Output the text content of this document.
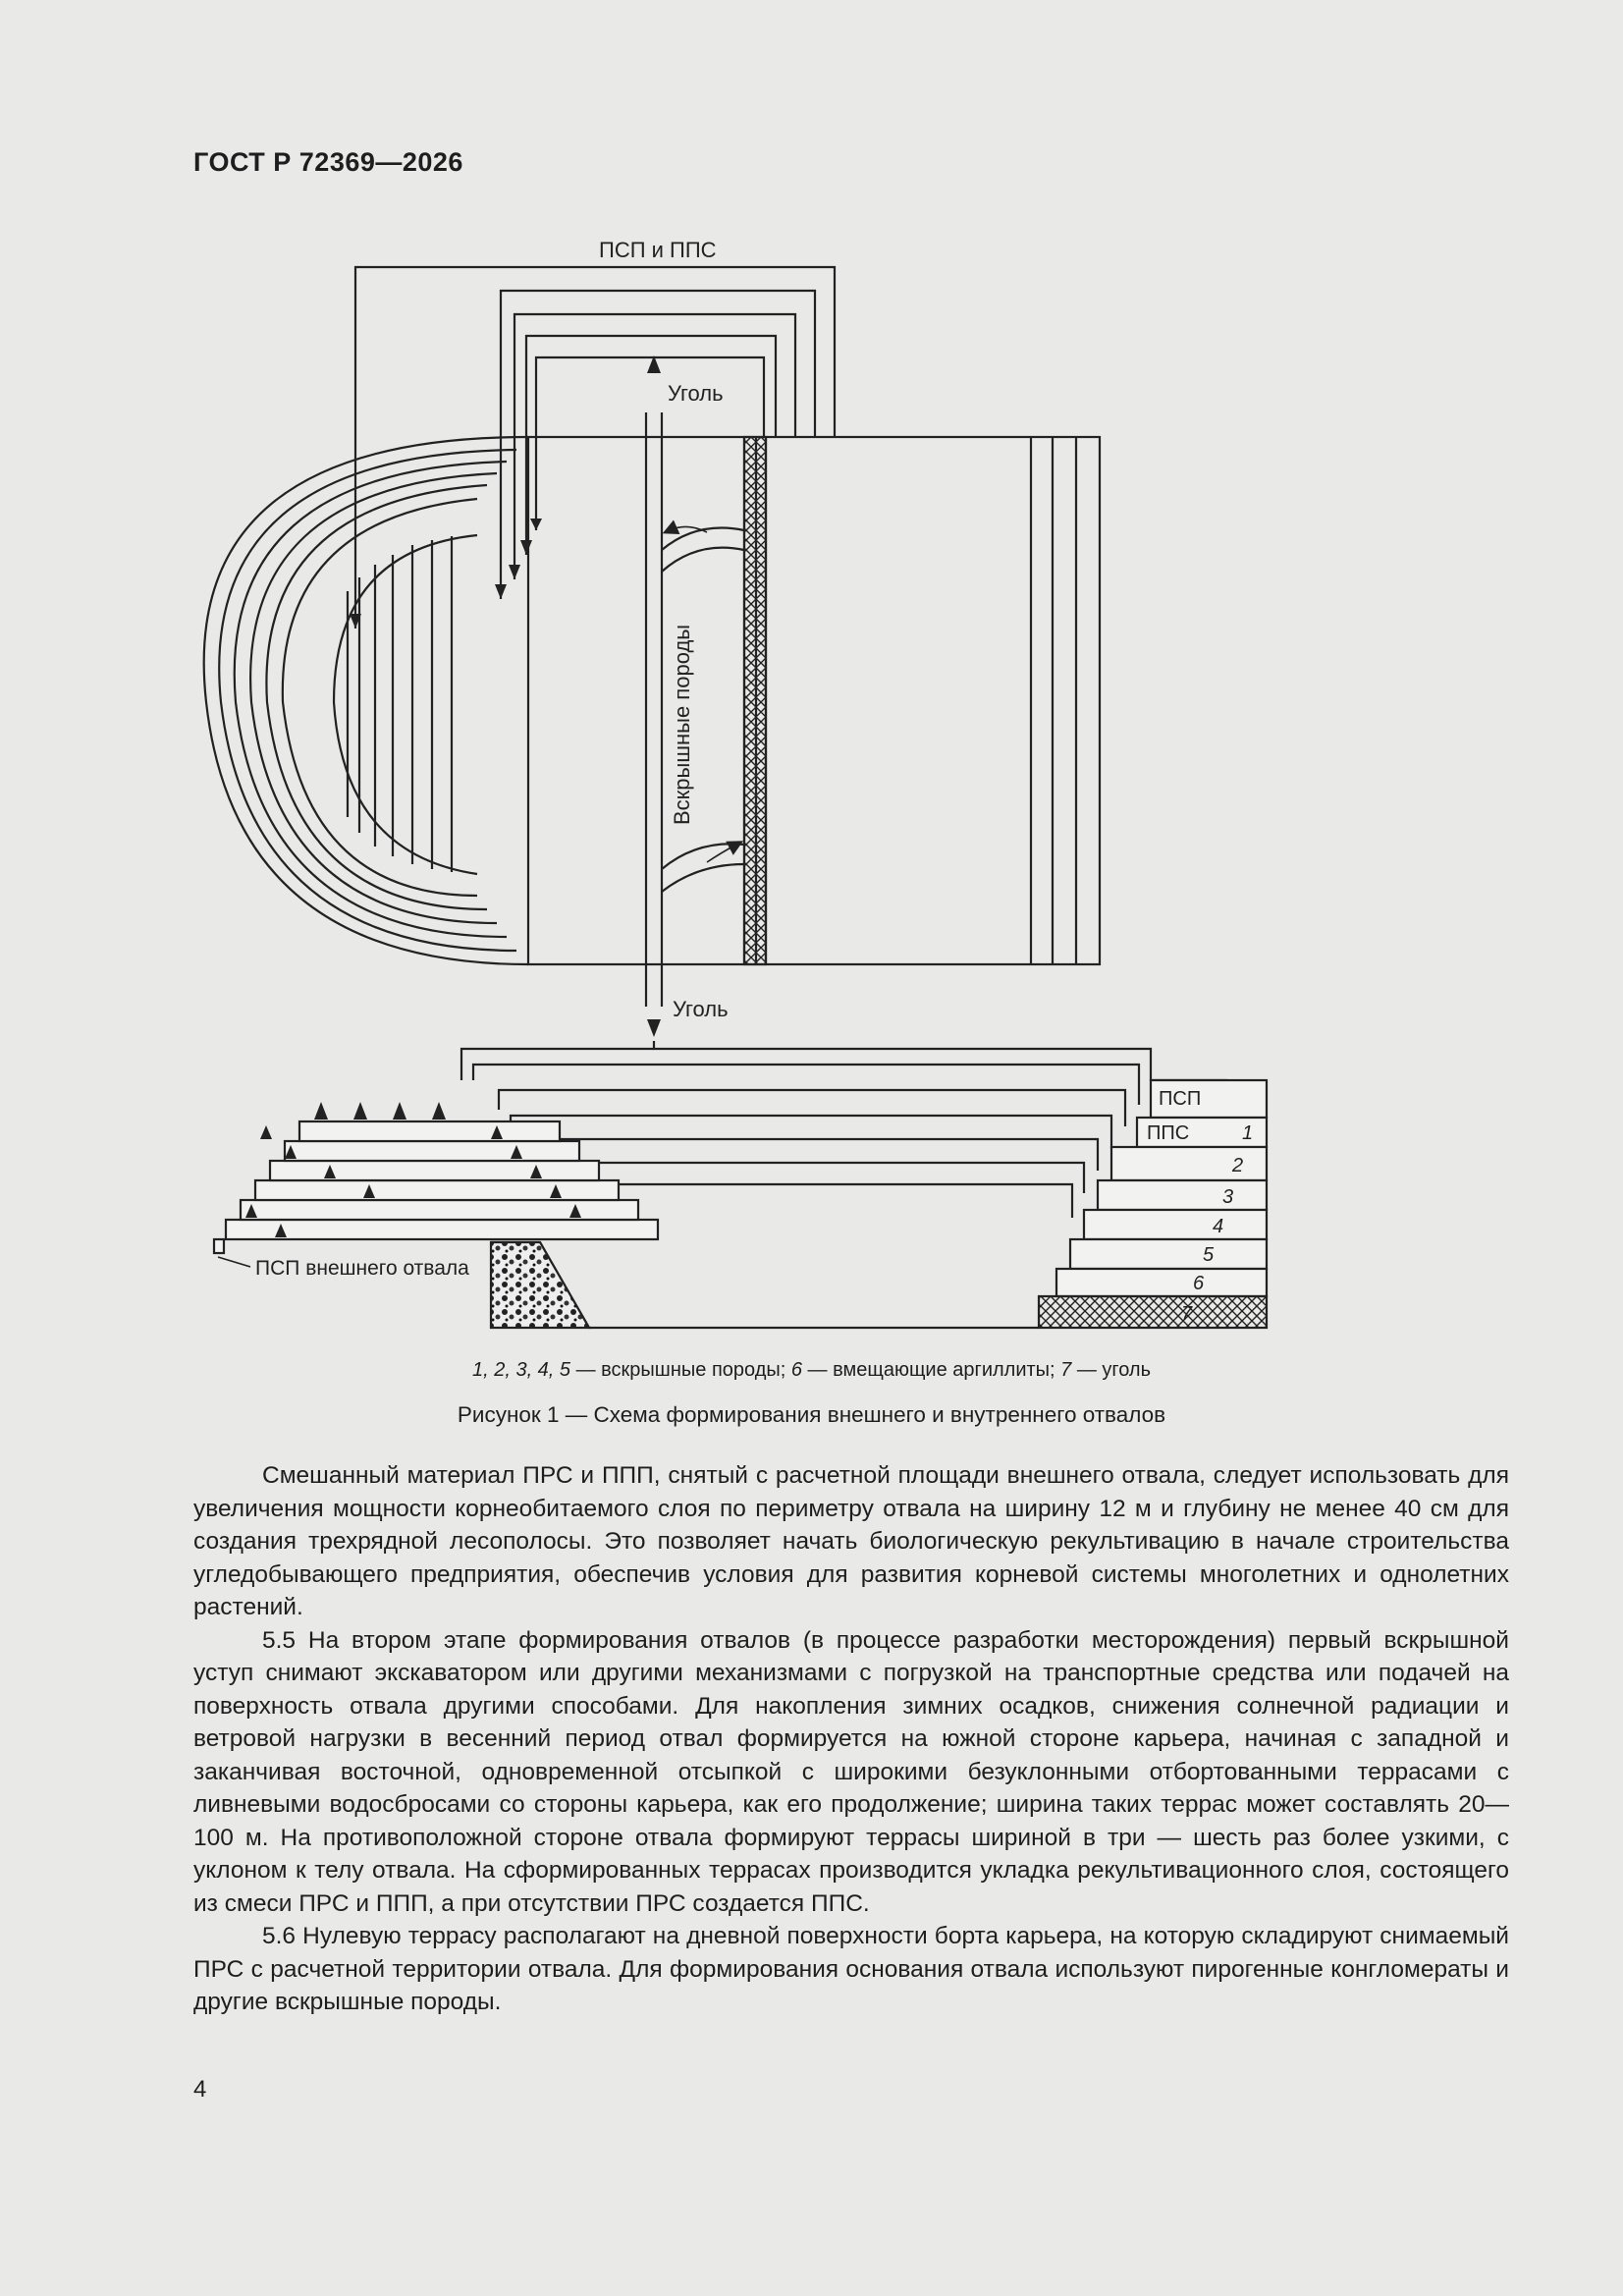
ГОСТ Р 72369—2026
ПСП и ППС
Уголь
Уголь
Вскрышные породы
ПСП
ППС	1
2
3
4
5
6
7
ПСП внешнего отвала
1, 2, 3, 4, 5 — вскрышные породы; 6 — вмещающие аргиллиты; 7 — уголь
Рисунок 1 — Схема формирования внешнего и внутреннего отвалов

Смешанный материал ПРС и ППП, снятый с расчетной площади внешнего отвала, следует использовать для увеличения мощности корнеобитаемого слоя по периметру отвала на ширину 12 м и глубину не менее 40 см для создания трехрядной лесополосы. Это позволяет начать биологическую рекультивацию в начале строительства угледобывающего предприятия, обеспечив условия для развития корневой системы многолетних и однолетних растений.

5.5 На втором этапе формирования отвалов (в процессе разработки месторождения) первый вскрышной уступ снимают экскаватором или другими механизмами с погрузкой на транспортные средства или подачей на поверхность отвала другими способами. Для накопления зимних осадков, снижения солнечной радиации и ветровой нагрузки в весенний период отвал формируется на южной стороне карьера, начиная с западной и заканчивая восточной, одновременной отсыпкой с широкими безуклонными отбортованными террасами с ливневыми водосбросами со стороны карьера, как его продолжение; ширина таких террас может составлять 20—100 м. На противоположной стороне отвала формируют террасы шириной в три — шесть раз более узкими, с уклоном к телу отвала. На сформированных террасах производится укладка рекультивационного слоя, состоящего из смеси ПРС и ППП, а при отсутствии ПРС создается ППС.

5.6 Нулевую террасу располагают на дневной поверхности борта карьера, на которую складируют снимаемый ПРС с расчетной территории отвала. Для формирования основания отвала используют пирогенные конгломераты и другие вскрышные породы.

4
